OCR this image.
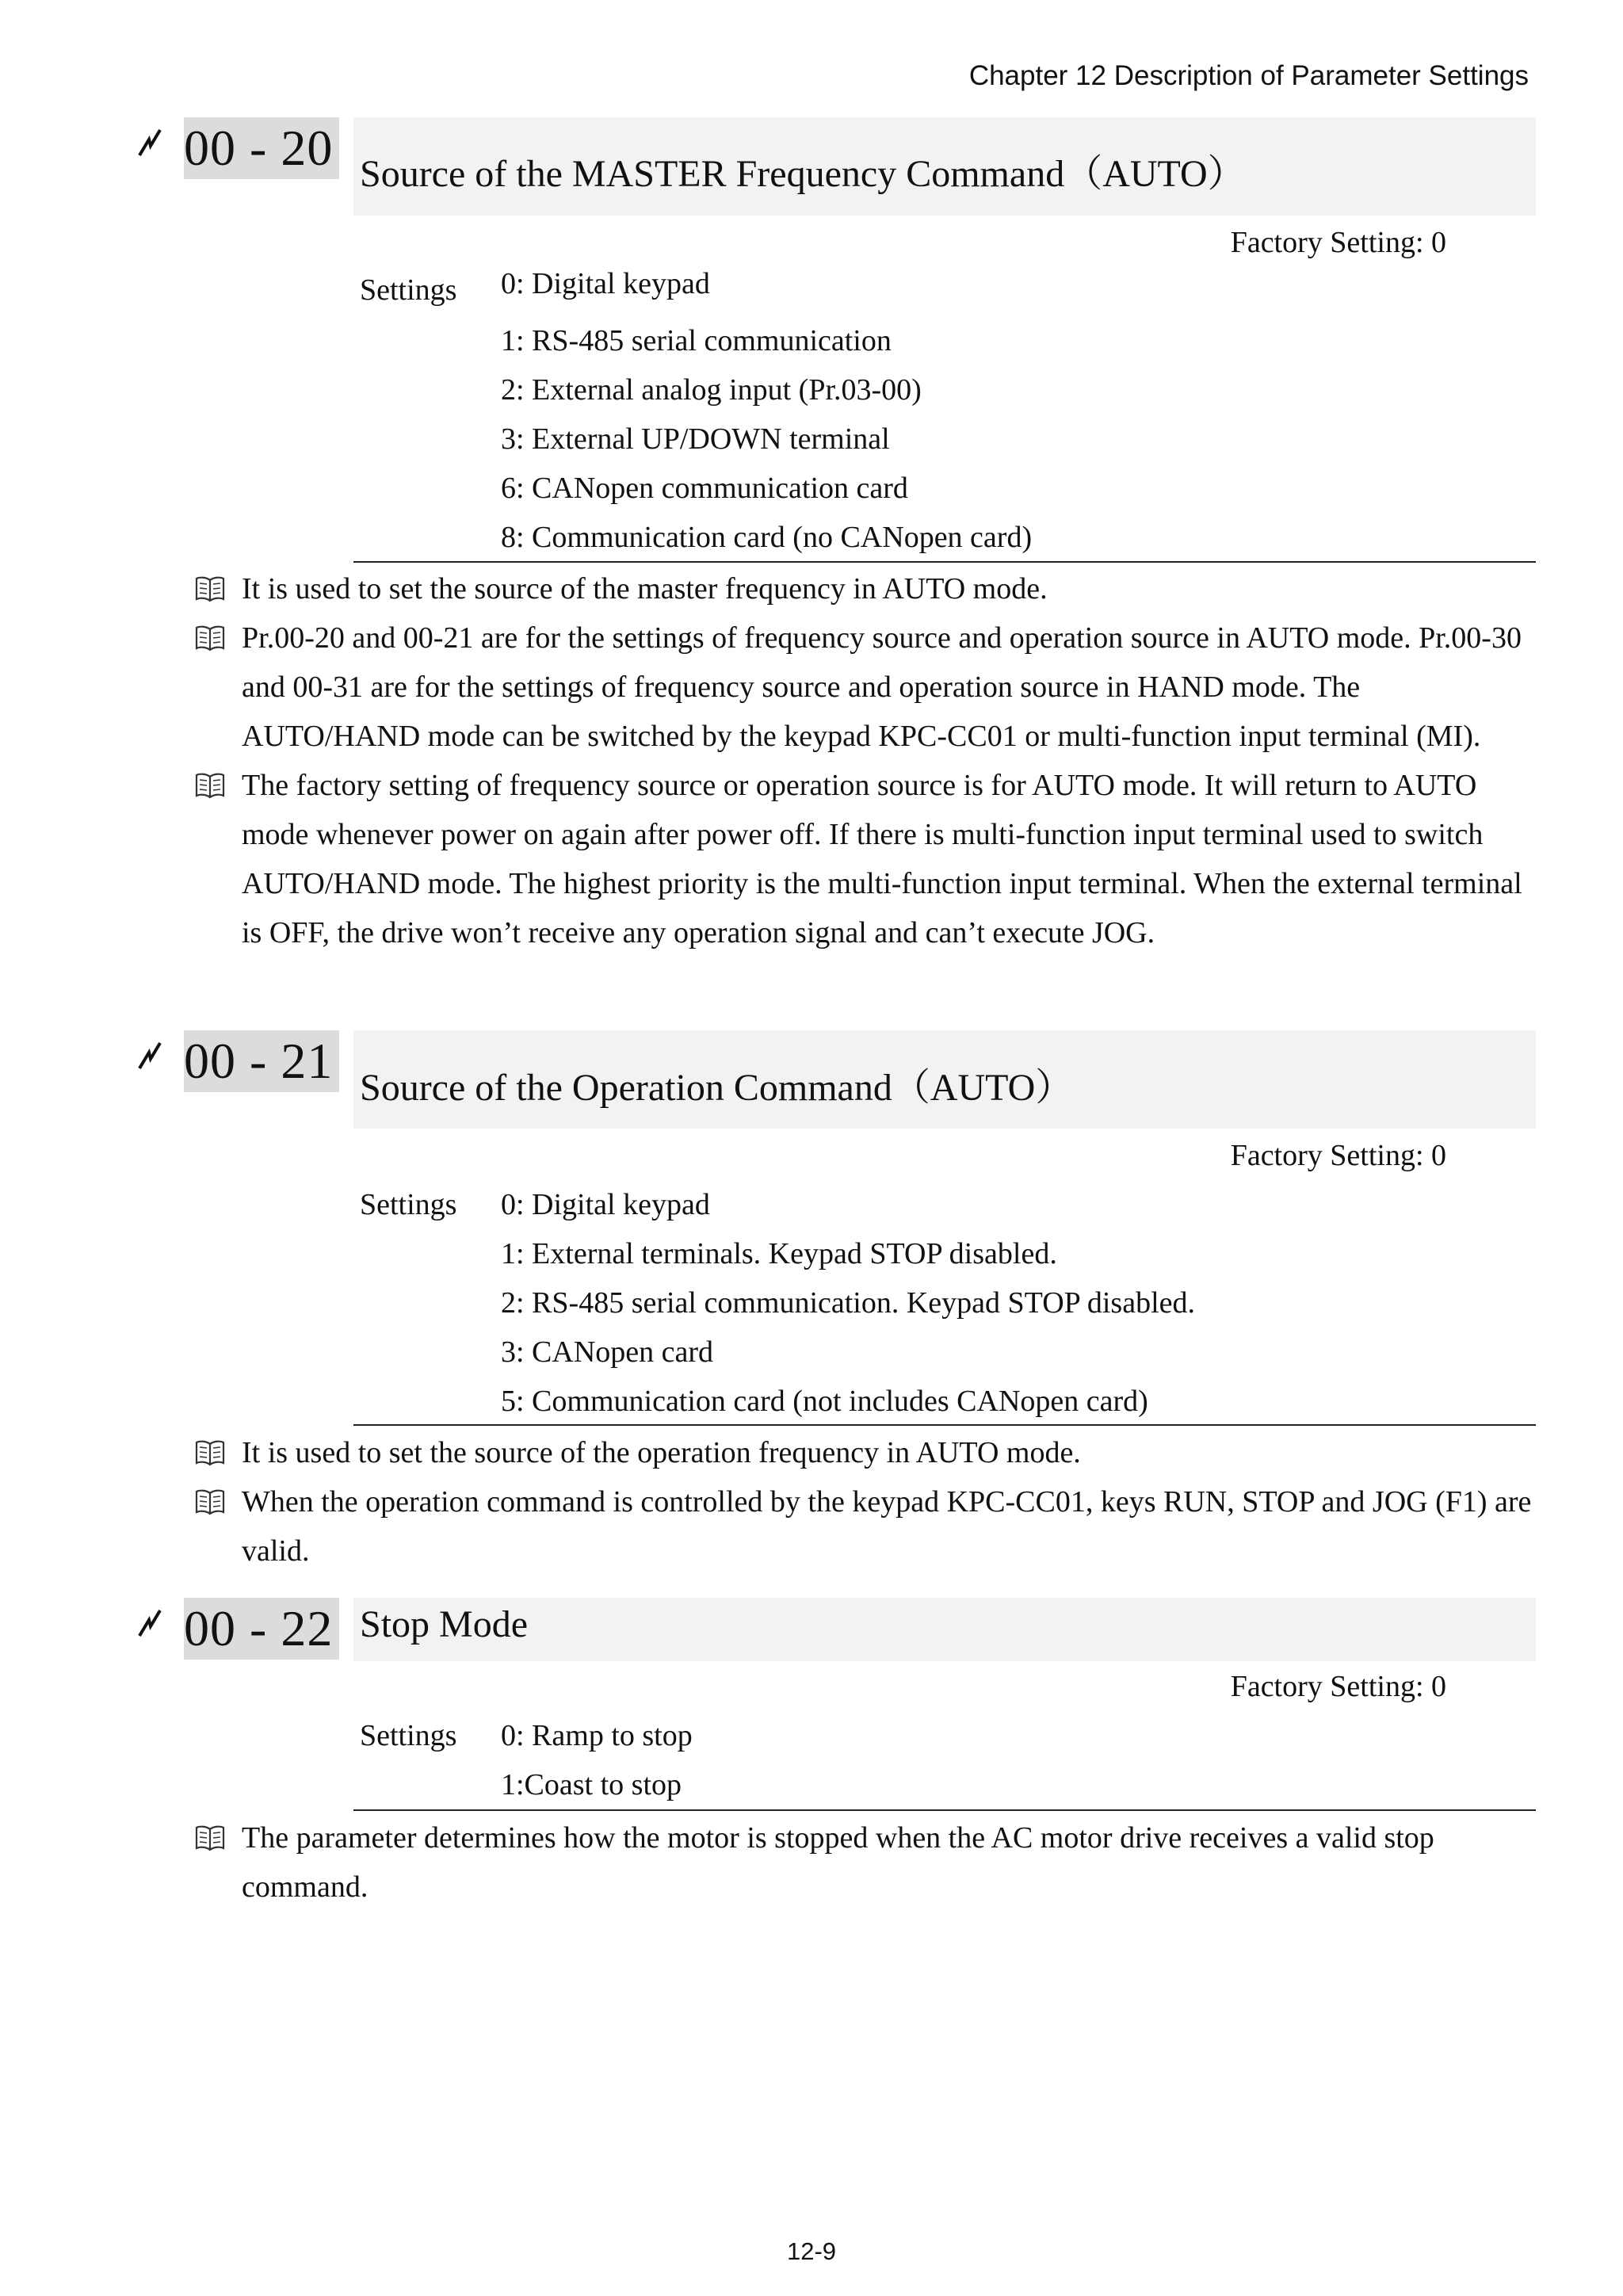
Chapter 12 Description of Parameter Settings
00 - 20 Source of the MASTER Frequency Command（AUTO）
Factory Setting: 0
Settings 0: Digital keypad
1: RS-485 serial communication
2: External analog input (Pr.03-00)
3: External UP/DOWN terminal
6: CANopen communication card
8: Communication card (no CANopen card)
It is used to set the source of the master frequency in AUTO mode.
Pr.00-20 and 00-21 are for the settings of frequency source and operation source in AUTO mode. Pr.00-30 and 00-31 are for the settings of frequency source and operation source in HAND mode. The AUTO/HAND mode can be switched by the keypad KPC-CC01 or multi-function input terminal (MI).
The factory setting of frequency source or operation source is for AUTO mode. It will return to AUTO mode whenever power on again after power off. If there is multi-function input terminal used to switch AUTO/HAND mode. The highest priority is the multi-function input terminal. When the external terminal is OFF, the drive won’t receive any operation signal and can’t execute JOG.
00 - 21 Source of the Operation Command（AUTO）
Factory Setting: 0
Settings 0: Digital keypad
1: External terminals. Keypad STOP disabled.
2: RS-485 serial communication. Keypad STOP disabled.
3: CANopen card
5: Communication card (not includes CANopen card)
It is used to set the source of the operation frequency in AUTO mode.
When the operation command is controlled by the keypad KPC-CC01, keys RUN, STOP and JOG (F1) are valid.
00 - 22 Stop Mode
Factory Setting: 0
Settings 0: Ramp to stop
1:Coast to stop
The parameter determines how the motor is stopped when the AC motor drive receives a valid stop command.
12-9
